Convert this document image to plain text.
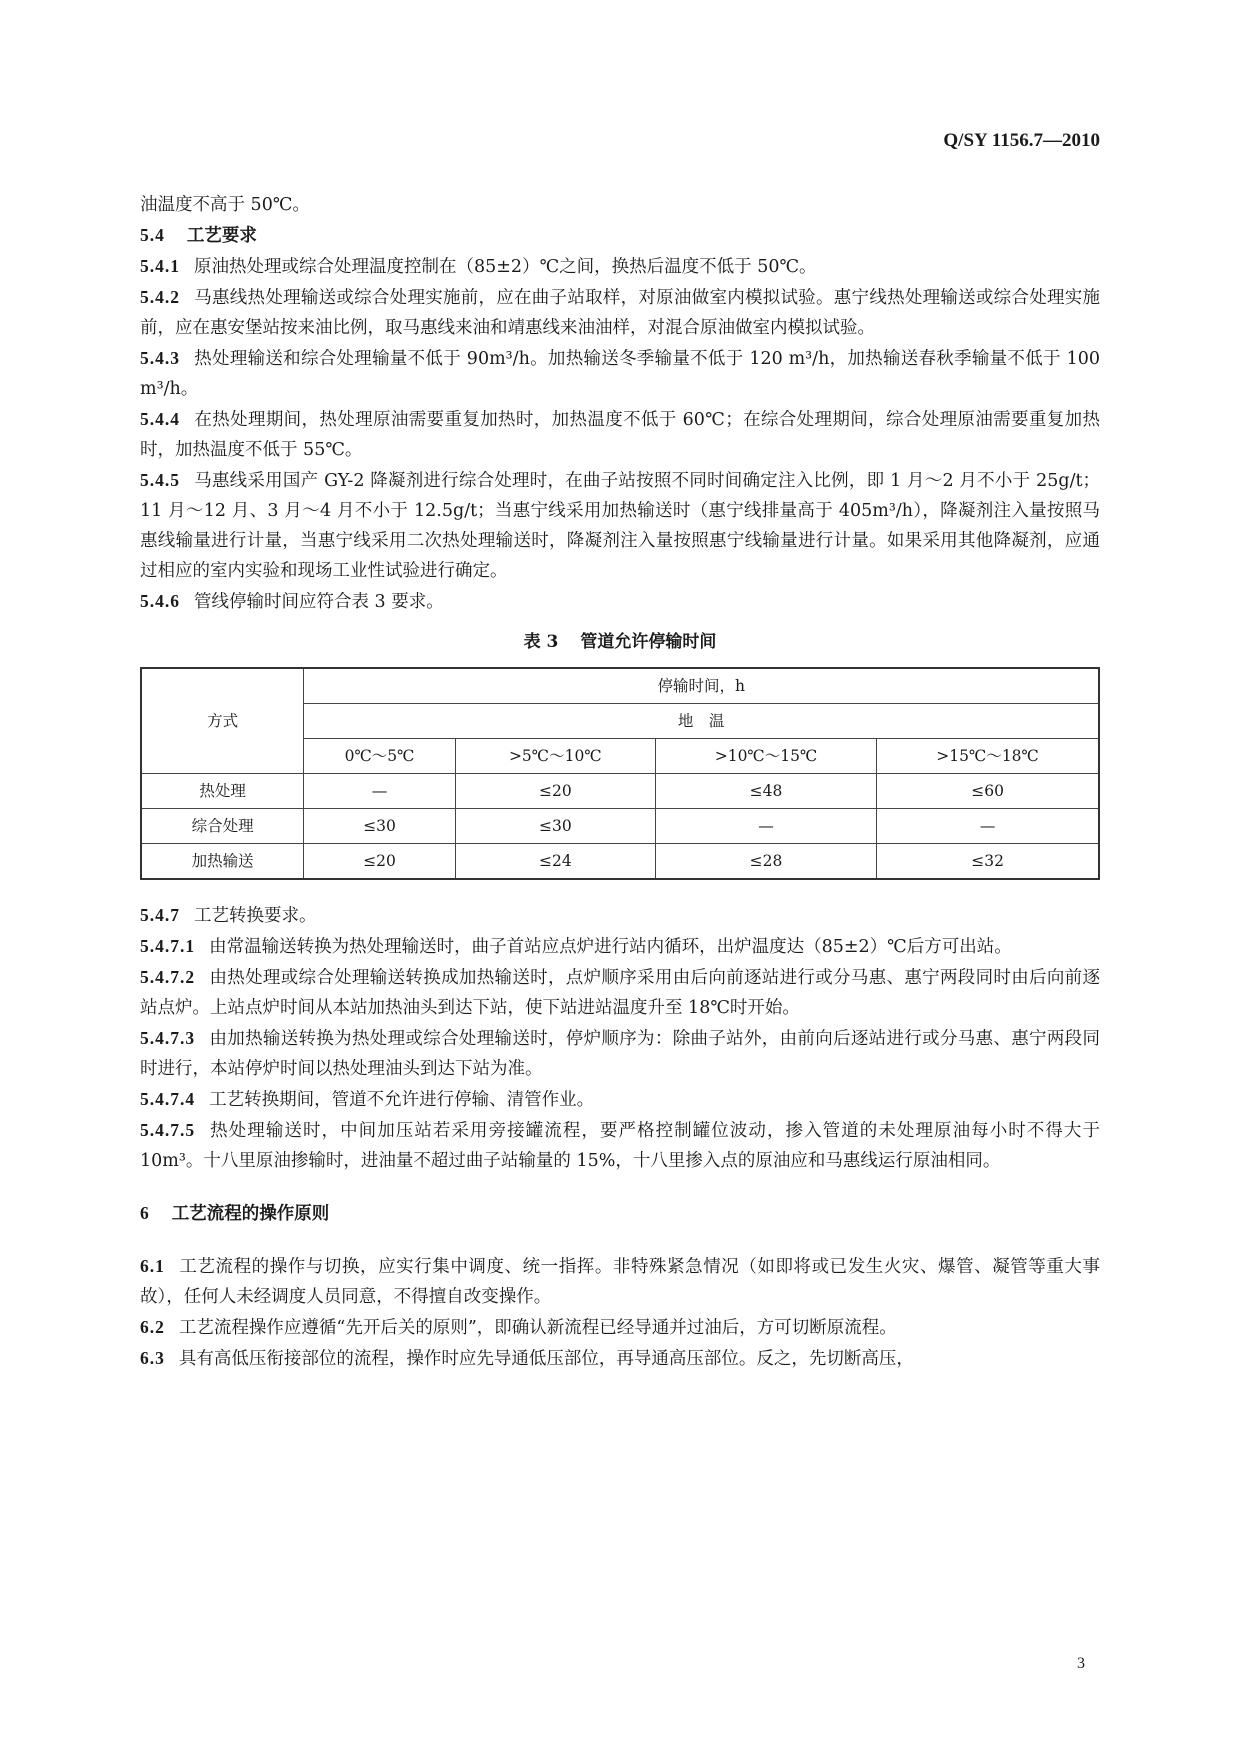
Q/SY 1156.7—2010

油温度不高于 50℃。

5.4 工艺要求

5.4.1 原油热处理或综合处理温度控制在（85±2）℃之间，换热后温度不低于 50℃。

5.4.2 马惠线热处理输送或综合处理实施前，应在曲子站取样，对原油做室内模拟试验。惠宁线热处理输送或综合处理实施前，应在惠安堡站按来油比例，取马惠线来油和靖惠线来油油样，对混合原油做室内模拟试验。

5.4.3 热处理输送和综合处理输量不低于 90m³/h。加热输送冬季输量不低于 120 m³/h，加热输送春秋季输量不低于 100 m³/h。

5.4.4 在热处理期间，热处理原油需要重复加热时，加热温度不低于 60℃；在综合处理期间，综合处理原油需要重复加热时，加热温度不低于 55℃。

5.4.5 马惠线采用国产 GY-2 降凝剂进行综合处理时，在曲子站按照不同时间确定注入比例，即 1 月～2 月不小于 25g/t；11 月～12 月、3 月～4 月不小于 12.5g/t；当惠宁线采用加热输送时（惠宁线排量高于 405m³/h），降凝剂注入量按照马惠线输量进行计量，当惠宁线采用二次热处理输送时，降凝剂注入量按照惠宁线输量进行计量。如果采用其他降凝剂，应通过相应的室内实验和现场工业性试验进行确定。

5.4.6 管线停输时间应符合表 3 要求。

表 3 管道允许停输时间
方式	停输时间，h			
	地　温			
	0℃～5℃	>5℃～10℃	>10℃～15℃	>15℃～18℃
热处理	—	≤20	≤48	≤60
综合处理	≤30	≤30	—	—
加热输送	≤20	≤24	≤28	≤32

5.4.7 工艺转换要求。

5.4.7.1 由常温输送转换为热处理输送时，曲子首站应点炉进行站内循环，出炉温度达（85±2）℃后方可出站。

5.4.7.2 由热处理或综合处理输送转换成加热输送时，点炉顺序采用由后向前逐站进行或分马惠、惠宁两段同时由后向前逐站点炉。上站点炉时间从本站加热油头到达下站，使下站进站温度升至 18℃时开始。

5.4.7.3 由加热输送转换为热处理或综合处理输送时，停炉顺序为：除曲子站外，由前向后逐站进行或分马惠、惠宁两段同时进行，本站停炉时间以热处理油头到达下站为准。

5.4.7.4 工艺转换期间，管道不允许进行停输、清管作业。

5.4.7.5 热处理输送时，中间加压站若采用旁接罐流程，要严格控制罐位波动，掺入管道的未处理原油每小时不得大于 10m³。十八里原油掺输时，进油量不超过曲子站输量的 15%，十八里掺入点的原油应和马惠线运行原油相同。

6 工艺流程的操作原则

6.1 工艺流程的操作与切换，应实行集中调度、统一指挥。非特殊紧急情况（如即将或已发生火灾、爆管、凝管等重大事故），任何人未经调度人员同意，不得擅自改变操作。

6.2 工艺流程操作应遵循“先开后关的原则”，即确认新流程已经导通并过油后，方可切断原流程。

6.3 具有高低压衔接部位的流程，操作时应先导通低压部位，再导通高压部位。反之，先切断高压，

3
